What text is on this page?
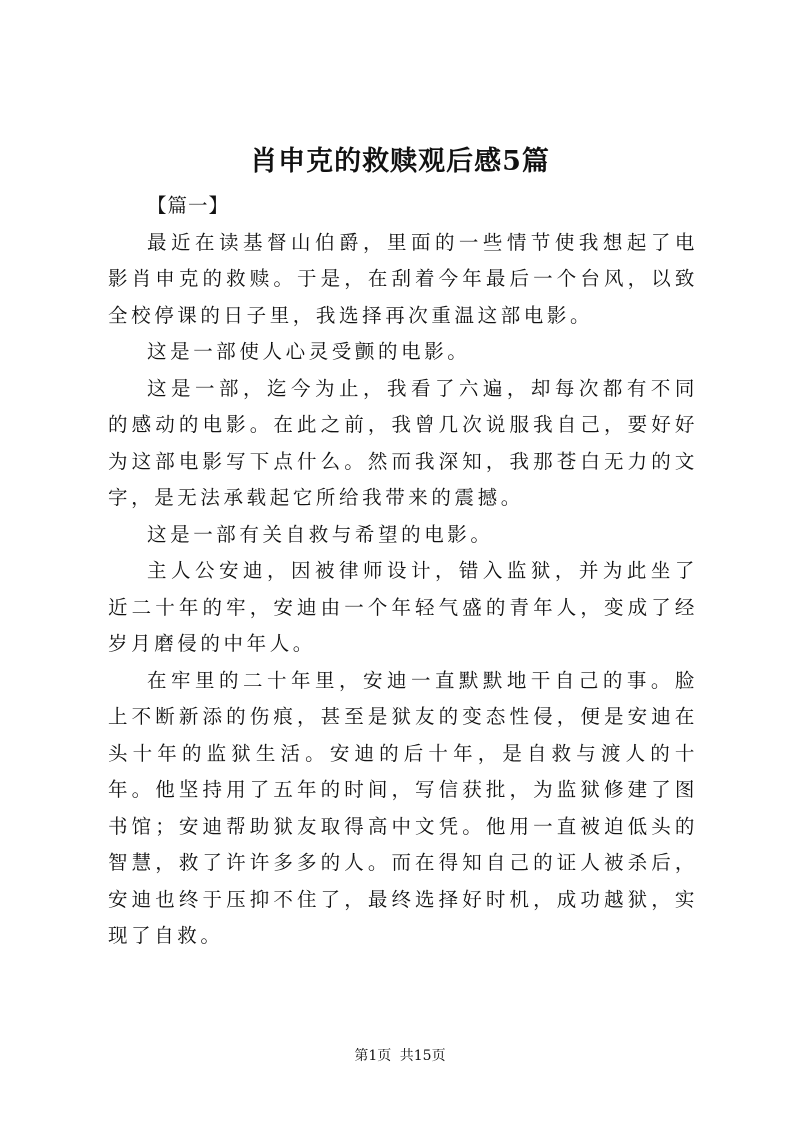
肖申克的救赎观后感5篇

【篇一】

最近在读基督山伯爵，里面的一些情节使我想起了电影肖申克的救赎。于是，在刮着今年最后一个台风，以致全校停课的日子里，我选择再次重温这部电影。

这是一部使人心灵受颤的电影。

这是一部，迄今为止，我看了六遍，却每次都有不同的感动的电影。在此之前，我曾几次说服我自己，要好好为这部电影写下点什么。然而我深知，我那苍白无力的文字，是无法承载起它所给我带来的震撼。

这是一部有关自救与希望的电影。

主人公安迪，因被律师设计，错入监狱，并为此坐了近二十年的牢，安迪由一个年轻气盛的青年人，变成了经岁月磨侵的中年人。

在牢里的二十年里，安迪一直默默地干自己的事。脸上不断新添的伤痕，甚至是狱友的变态性侵，便是安迪在头十年的监狱生活。安迪的后十年，是自救与渡人的十年。他坚持用了五年的时间，写信获批，为监狱修建了图书馆；安迪帮助狱友取得高中文凭。他用一直被迫低头的智慧，救了许许多多的人。而在得知自己的证人被杀后，安迪也终于压抑不住了，最终选择好时机，成功越狱，实现了自救。

第1页 共15页
